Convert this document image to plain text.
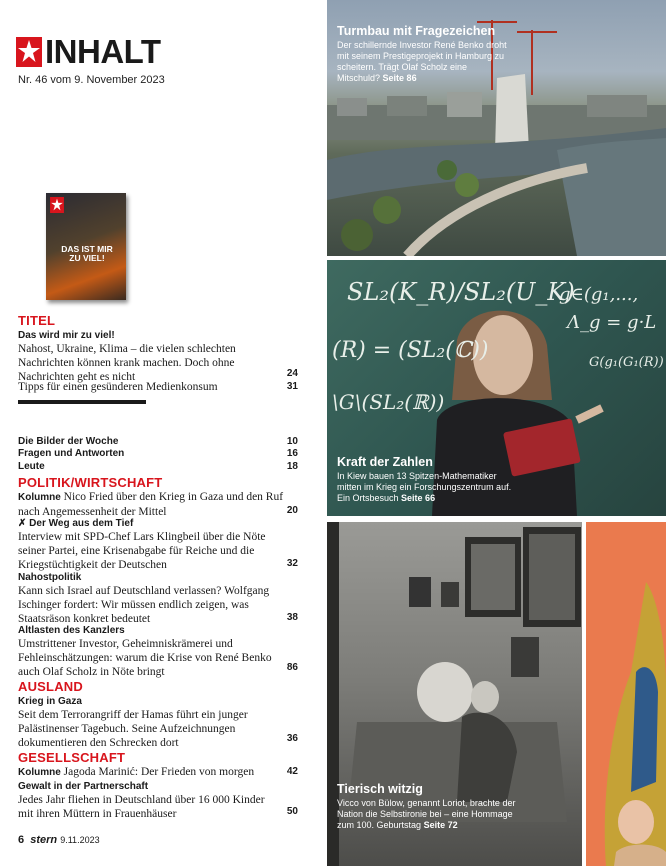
INHALT
Nr. 46 vom 9. November 2023
DAS IST MIR ZU VIEL!
TITEL
Das wird mir zu viel!
Nahost, Ukraine, Klima – die vielen schlechten Nachrichten können krank machen. Doch ohne Nachrichten geht es nicht	24
Tipps für einen gesünderen Medienkonsum	31
Die Bilder der Woche	10
Fragen und Antworten	16
Leute	18
POLITIK/WIRTSCHAFT
Kolumne Nico Fried über den Krieg in Gaza und den Ruf nach Angemessenheit der Mittel	20
✗ Der Weg aus dem Tief
Interview mit SPD-Chef Lars Klingbeil über die Nöte seiner Partei, eine Krisenabgabe für Reiche und die Kriegstüchtigkeit der Deutschen	32
Nahostpolitik
Kann sich Israel auf Deutschland verlassen? Wolfgang Ischinger fordert: Wir müssen endlich zeigen, was Staatsräson konkret bedeutet	38
Altlasten des Kanzlers
Umstrittener Investor, Geheimniskrämerei und Fehleinschätzungen: warum die Krise von René Benko auch Olaf Scholz in Nöte bringt	86
AUSLAND
Krieg in Gaza
Seit dem Terrorangriff der Hamas führt ein junger Palästinenser Tagebuch. Seine Aufzeichnungen dokumentieren den Schrecken dort	36
GESELLSCHAFT
Kolumne Jagoda Marinić: Der Frieden von morgen	42
Gewalt in der Partnerschaft
Jedes Jahr fliehen in Deutschland über 16 000 Kinder mit ihren Müttern in Frauenhäuser	50
6 stern 9.11.2023
Turmbau mit Fragezeichen
Der schillernde Investor René Benko droht mit seinem Prestigeprojekt in Hamburg zu scheitern. Trägt Olaf Scholz eine Mitschuld? Seite 86
SL₂(K_R)/SL₂(U_K)
g∈(g₁,...,
Λ_g = g·L
(R) = (SL₂(ℂ))	G(g₁(G₁(R))
\G\(SL₂(ℝ))
Kraft der Zahlen
In Kiew bauen 13 Spitzen-Mathematiker mitten im Krieg ein Forschungszentrum auf. Ein Ortsbesuch Seite 66
Tierisch witzig
Vicco von Bülow, genannt Loriot, brachte der Nation die Selbstironie bei – eine Hommage zum 100. Geburtstag Seite 72
